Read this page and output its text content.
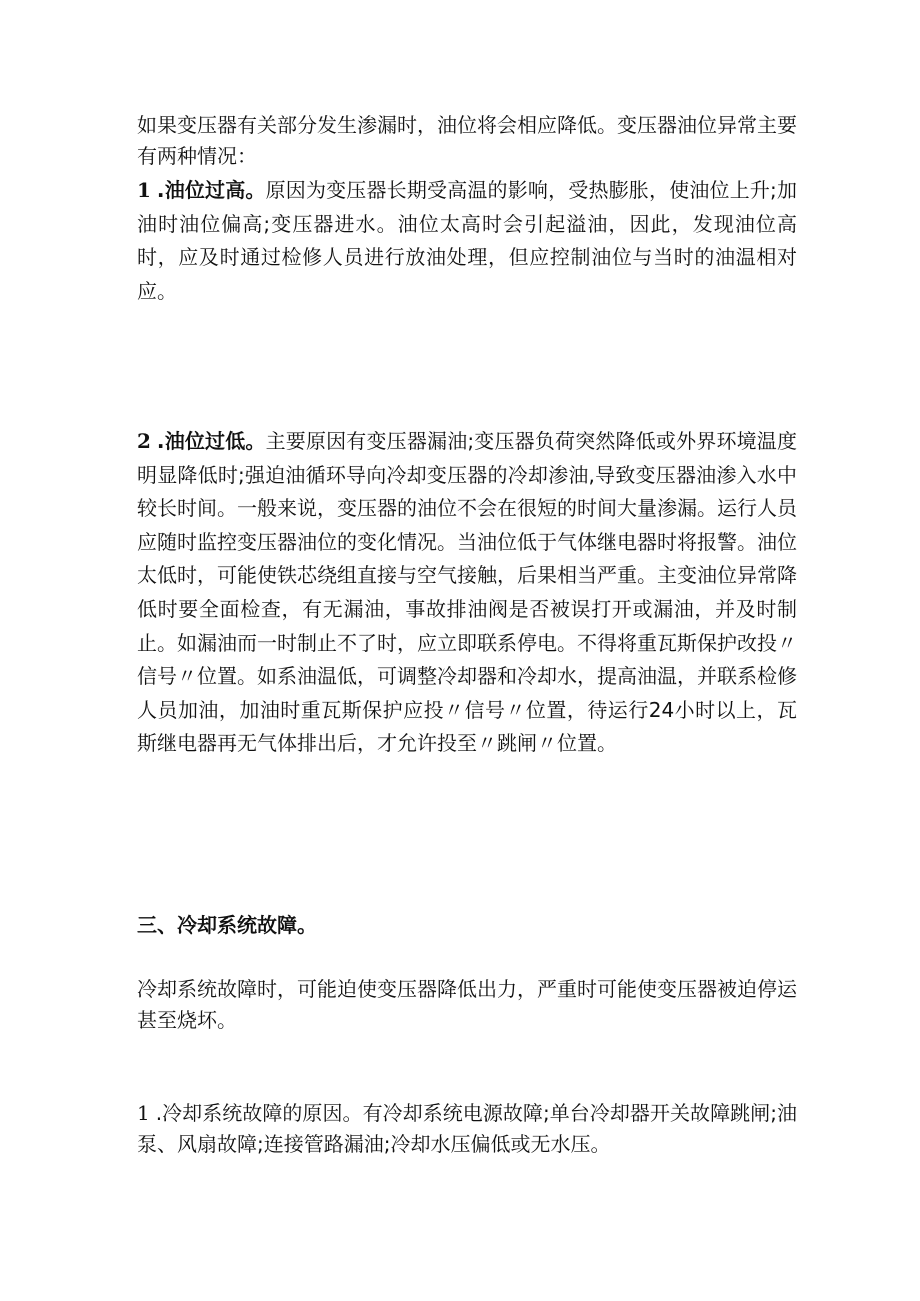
如果变压器有关部分发生渗漏时，油位将会相应降低。变压器油位异常主要有两种情况：

1 .油位过高。原因为变压器长期受高温的影响，受热膨胀，使油位上升;加油时油位偏高;变压器进水。油位太高时会引起溢油，因此，发现油位高时，应及时通过检修人员进行放油处理，但应控制油位与当时的油温相对应。

2 .油位过低。主要原因有变压器漏油;变压器负荷突然降低或外界环境温度明显降低时;强迫油循环导向冷却变压器的冷却渗油,导致变压器油渗入水中较长时间。一般来说，变压器的油位不会在很短的时间大量渗漏。运行人员应随时监控变压器油位的变化情况。当油位低于气体继电器时将报警。油位太低时，可能使铁芯绕组直接与空气接触，后果相当严重。主变油位异常降低时要全面检查，有无漏油，事故排油阀是否被误打开或漏油，并及时制止。如漏油而一时制止不了时，应立即联系停电。不得将重瓦斯保护改投〃信号〃位置。如系油温低，可调整冷却器和冷却水，提高油温，并联系检修人员加油，加油时重瓦斯保护应投〃信号〃位置，待运行24小时以上，瓦斯继电器再无气体排出后，才允许投至〃跳闸〃位置。

三、冷却系统故障。

冷却系统故障时，可能迫使变压器降低出力，严重时可能使变压器被迫停运甚至烧坏。

1 .冷却系统故障的原因。有冷却系统电源故障;单台冷却器开关故障跳闸;油泵、风扇故障;连接管路漏油;冷却水压偏低或无水压。
